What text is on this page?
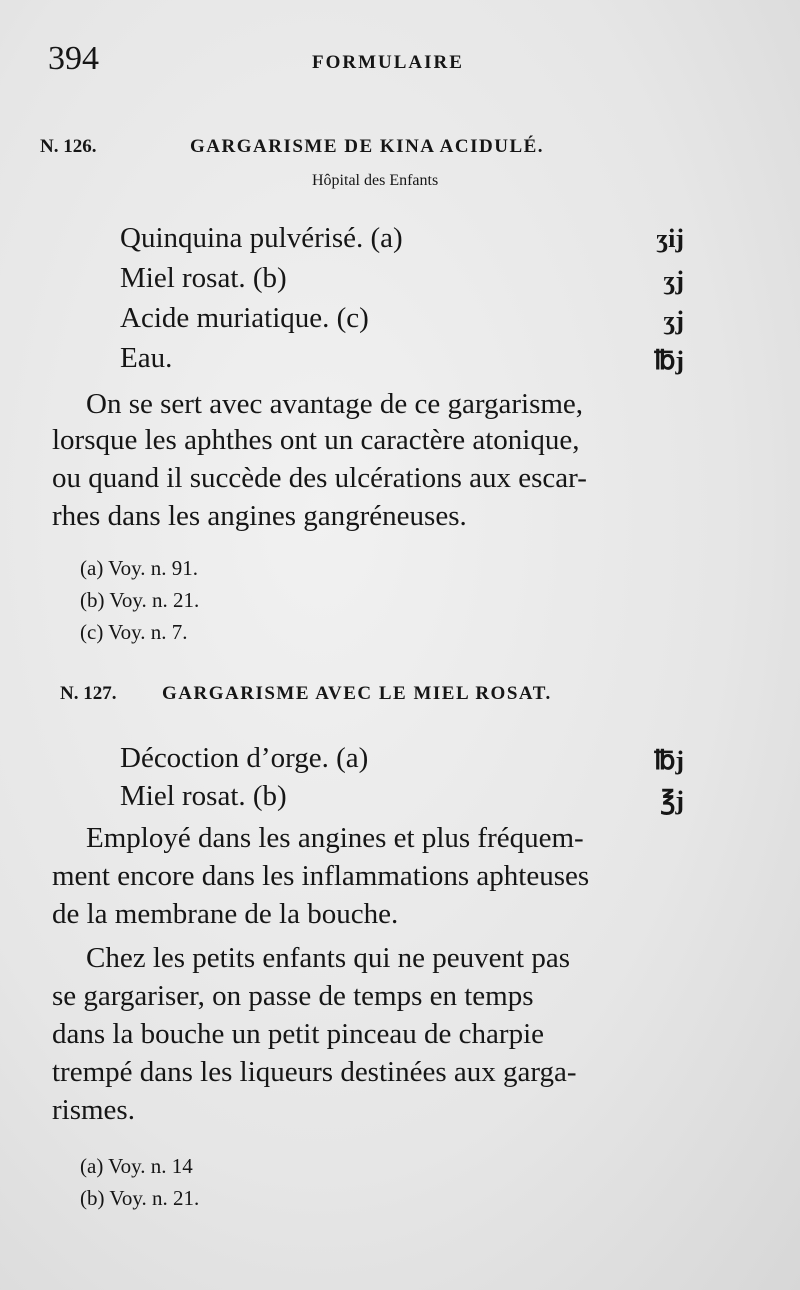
394	FORMULAIRE
N. 126.	GARGARISME DE KINA ACIDULÉ.
Hôpital des Enfants
Quinquina pulvérisé. (a)	ʒij
Miel rosat. (b)	ʒj
Acide muriatique. (c)	ʒj
Eau.	℔j
On se sert avec avantage de ce gargarisme,
lorsque les aphthes ont un caractère atonique,
ou quand il succède des ulcérations aux escar-
rhes dans les angines gangréneuses.
(a) Voy. n. 91.
(b) Voy. n. 21.
(c) Voy. n. 7.
N. 127. GARGARISME AVEC LE MIEL ROSAT.
Décoction d’orge. (a)	℔j
Miel rosat. (b)	℥j
Employé dans les angines et plus fréquem-
ment encore dans les inflammations aphteuses
de la membrane de la bouche.
Chez les petits enfants qui ne peuvent pas
se gargariser, on passe de temps en temps
dans la bouche un petit pinceau de charpie
trempé dans les liqueurs destinées aux garga-
rismes.
(a) Voy. n. 14
(b) Voy. n. 21.
